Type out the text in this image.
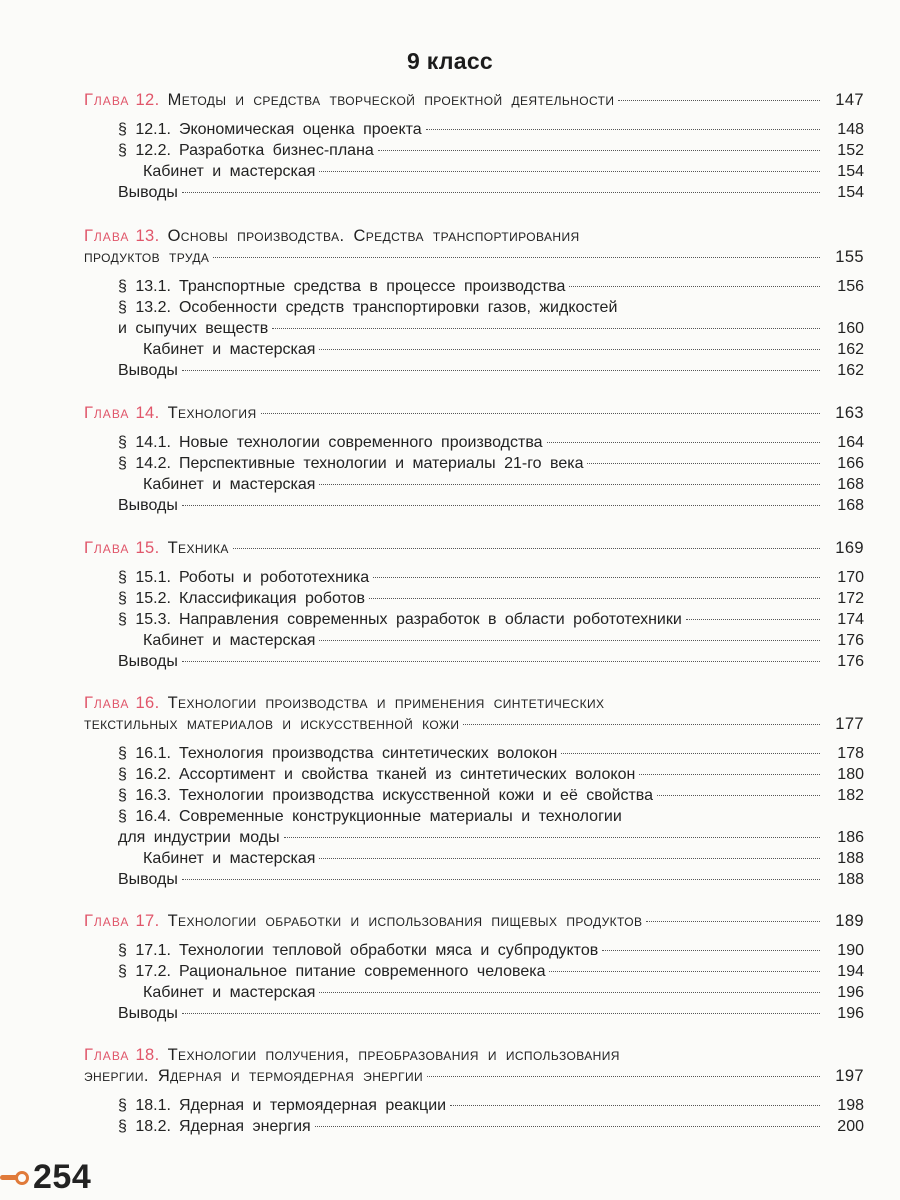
9 класс
Глава 12. Методы и средства творческой проектной деятельности	147
§ 12.1. Экономическая оценка проекта	148
§ 12.2. Разработка бизнес-плана	152
Кабинет и мастерская	154
Выводы	154
Глава 13. Основы производства. Средства транспортирования
продуктов труда	155
§ 13.1. Транспортные средства в процессе производства	156
§ 13.2. Особенности средств транспортировки газов, жидкостей
и сыпучих веществ	160
Кабинет и мастерская	162
Выводы	162
Глава 14. Технология	163
§ 14.1. Новые технологии современного производства	164
§ 14.2. Перспективные технологии и материалы 21-го века	166
Кабинет и мастерская	168
Выводы	168
Глава 15. Техника	169
§ 15.1. Роботы и робототехника	170
§ 15.2. Классификация роботов	172
§ 15.3. Направления современных разработок в области робототехники	174
Кабинет и мастерская	176
Выводы	176
Глава 16. Технологии производства и применения синтетических
текстильных материалов и искусственной кожи	177
§ 16.1. Технология производства синтетических волокон	178
§ 16.2. Ассортимент и свойства тканей из синтетических волокон	180
§ 16.3. Технологии производства искусственной кожи и её свойства	182
§ 16.4. Современные конструкционные материалы и технологии
для индустрии моды	186
Кабинет и мастерская	188
Выводы	188
Глава 17. Технологии обработки и использования пищевых продуктов	189
§ 17.1. Технологии тепловой обработки мяса и субпродуктов	190
§ 17.2. Рациональное питание современного человека	194
Кабинет и мастерская	196
Выводы	196
Глава 18. Технологии получения, преобразования и использования
энергии. Ядерная и термоядерная энергии	197
§ 18.1. Ядерная и термоядерная реакции	198
§ 18.2. Ядерная энергия	200
254
